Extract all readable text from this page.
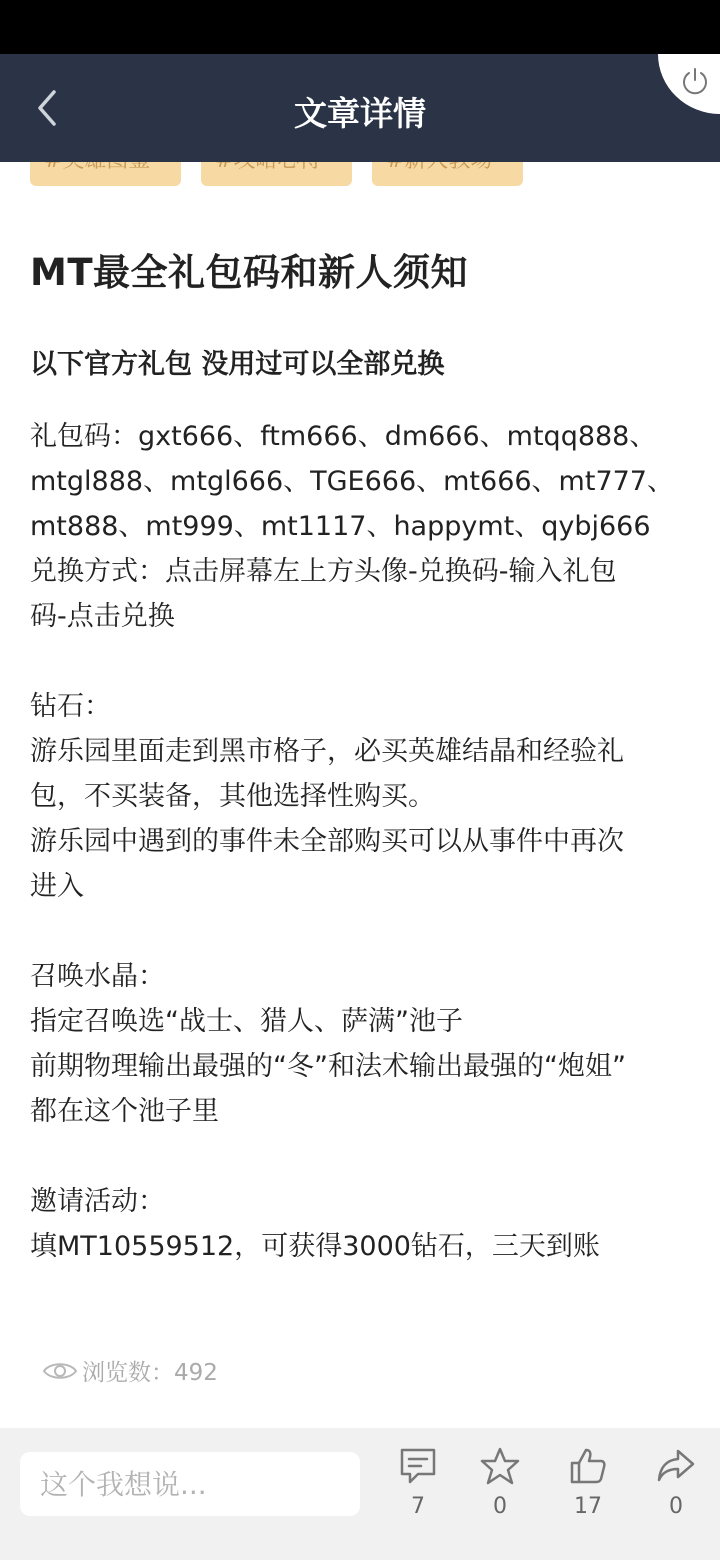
MT最全礼包码和新人须知
以下官方礼包 没用过可以全部兑换
礼包码：gxt666、ftm666、dm666、mtqq888、
mtgl888、mtgl666、TGE666、mt666、mt777、
mt888、mt999、mt1117、happymt、qybj666
兑换方式：点击屏幕左上方头像-兑换码-输入礼包
码-点击兑换
钻石：
游乐园里面走到黑市格子，必买英雄结晶和经验礼
包，不买装备，其他选择性购买。
游乐园中遇到的事件未全部购买可以从事件中再次
进入
召唤水晶：
指定召唤选“战士、猎人、萨满”池子
前期物理输出最强的“冬”和法术输出最强的“炮姐”
都在这个池子里
邀请活动：
填MT10559512，可获得3000钻石，三天到账
浏览数：492
文章详情
这个我想说...
7	0	17	0
